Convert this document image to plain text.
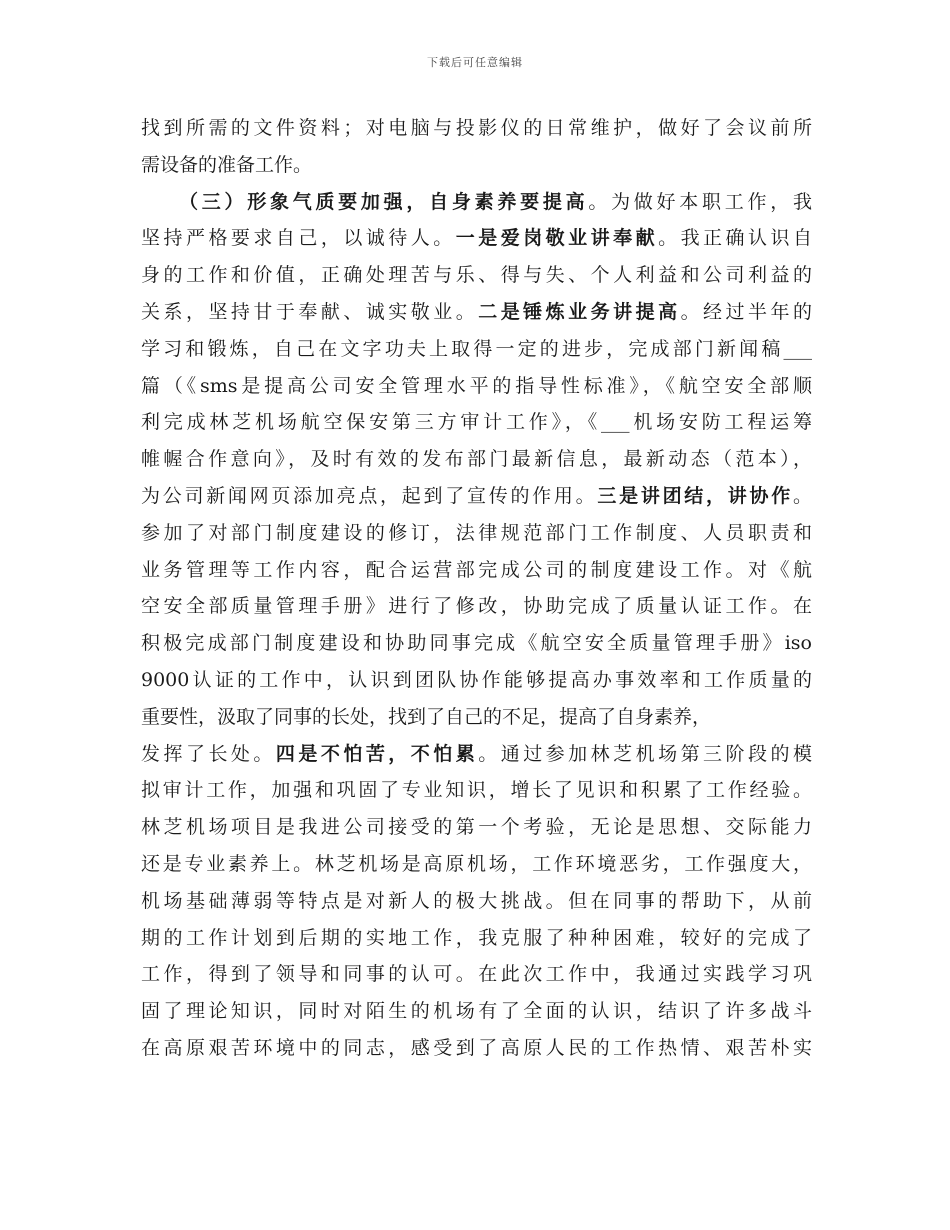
下载后可任意编辑
找到所需的文件资料；对电脑与投影仪的日常维护，做好了会议前所
需设备的准备工作。
（三）形象气质要加强，自身素养要提高。为做好本职工作，我
坚持严格要求自己，以诚待人。一是爱岗敬业讲奉献。我正确认识自
身的工作和价值，正确处理苦与乐、得与失、个人利益和公司利益的
关系，坚持甘于奉献、诚实敬业。二是锤炼业务讲提高。经过半年的
学习和锻炼，自己在文字功夫上取得一定的进步，完成部门新闻稿___
篇（《sms是提高公司安全管理水平的指导性标准》，《航空安全部顺
利完成林芝机场航空保安第三方审计工作》，《___机场安防工程运筹
帷幄合作意向》，及时有效的发布部门最新信息，最新动态（范本），
为公司新闻网页添加亮点，起到了宣传的作用。三是讲团结，讲协作。
参加了对部门制度建设的修订，法律规范部门工作制度、人员职责和
业务管理等工作内容，配合运营部完成公司的制度建设工作。对《航
空安全部质量管理手册》进行了修改，协助完成了质量认证工作。在
积极完成部门制度建设和协助同事完成《航空安全质量管理手册》iso
9000认证的工作中，认识到团队协作能够提高办事效率和工作质量的
重要性，汲取了同事的长处，找到了自己的不足，提高了自身素养，
发挥了长处。四是不怕苦，不怕累。通过参加林芝机场第三阶段的模
拟审计工作，加强和巩固了专业知识，增长了见识和积累了工作经验。
林芝机场项目是我进公司接受的第一个考验，无论是思想、交际能力
还是专业素养上。林芝机场是高原机场，工作环境恶劣，工作强度大，
机场基础薄弱等特点是对新人的极大挑战。但在同事的帮助下，从前
期的工作计划到后期的实地工作，我克服了种种困难，较好的完成了
工作，得到了领导和同事的认可。在此次工作中，我通过实践学习巩
固了理论知识，同时对陌生的机场有了全面的认识，结识了许多战斗
在高原艰苦环境中的同志，感受到了高原人民的工作热情、艰苦朴实
